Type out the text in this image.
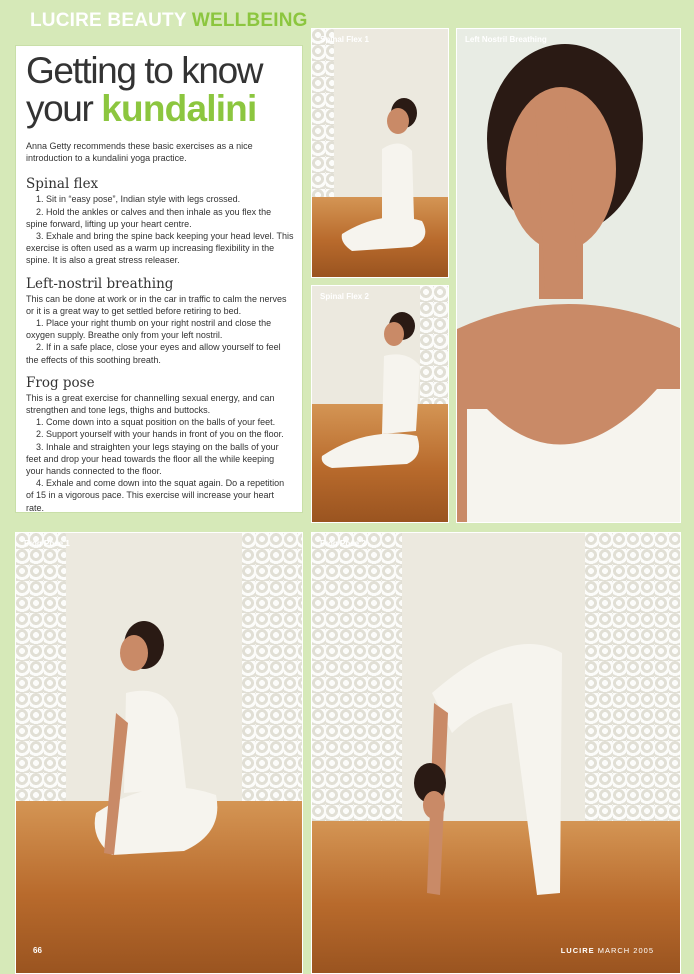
LUCIRE BEAUTY WELLBEING
Getting to know
your kundalini

Anna Getty recommends these basic exercises as a nice introduction to a kundalini yoga practice.

Spinal flex

1. Sit in “easy pose”, Indian style with legs crossed.

2. Hold the ankles or calves and then inhale as you flex the spine forward, lifting up your heart centre.

3. Exhale and bring the spine back keeping your head level. This exercise is often used as a warm up increasing flexibility in the spine. It is also a great stress releaser.

Left-nostril breathing

This can be done at work or in the car in traffic to calm the nerves or it is a great way to get settled before retiring to bed.

1. Place your right thumb on your right nostril and close the oxygen supply. Breathe only from your left nostril.

2. If in a safe place, close your eyes and allow yourself to feel the effects of this soothing breath.

Frog pose

This is a great exercise for channelling sexual energy, and can strengthen and tone legs, thighs and buttocks.

1. Come down into a squat position on the balls of your feet.

2. Support yourself with your hands in front of you on the floor.

3. Inhale and straighten your legs staying on the balls of your feet and drop your head towards the floor all the while keeping your hands connected to the floor.

4. Exhale and come down into the squat again. Do a repetition of 15 in a vigorous pace. This exercise will increase your heart rate.

Spinal Flex 1
Spinal Flex 2
Left Nostril Breathing
Frog Pose 1	Frog Pose 2
66	LUCIRE MARCH 2005
